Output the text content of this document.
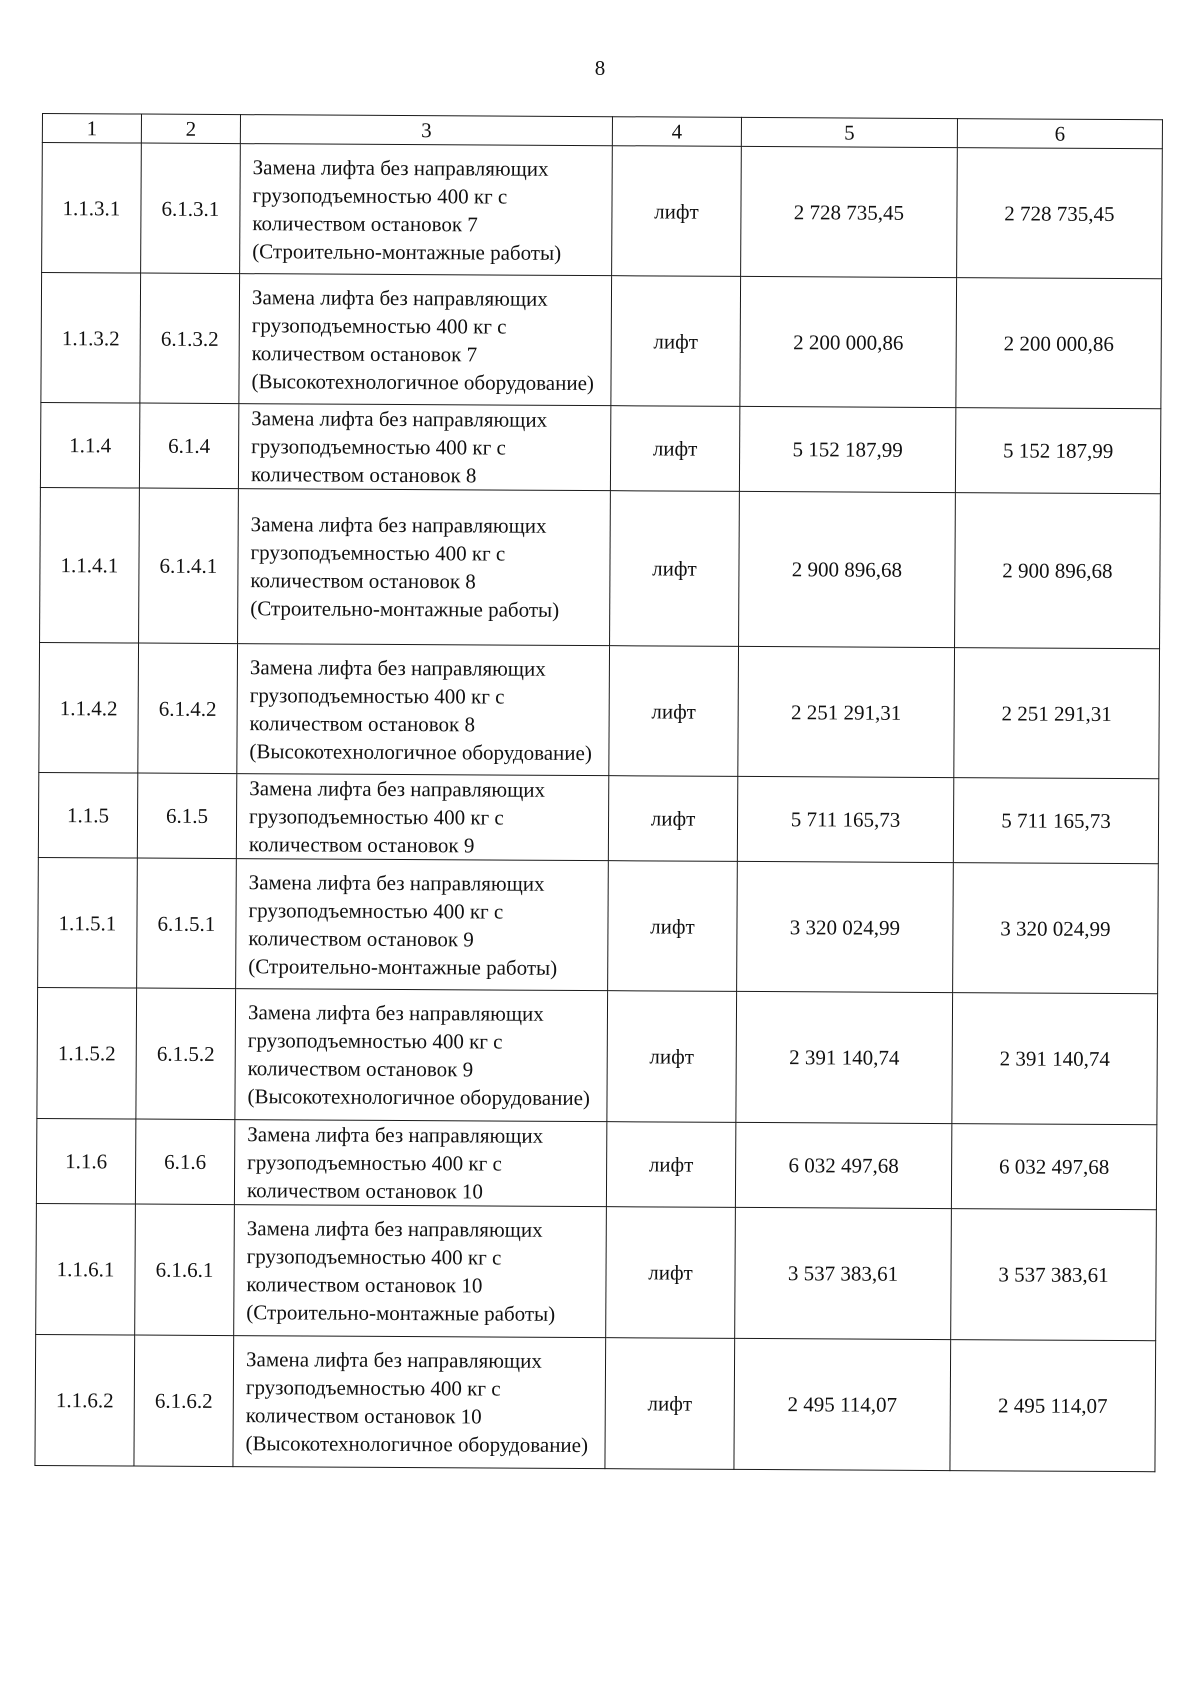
8
1	2	3	4	5	6
1.1.3.1	6.1.3.1	Замена лифта без направляющих грузоподъемностью 400 кг с количеством остановок 7 (Строительно-монтажные работы)	лифт	2 728 735,45	2 728 735,45
1.1.3.2	6.1.3.2	Замена лифта без направляющих грузоподъемностью 400 кг с количеством остановок 7 (Высокотехнологичное оборудование)	лифт	2 200 000,86	2 200 000,86
1.1.4	6.1.4	Замена лифта без направляющих грузоподъемностью 400 кг с количеством остановок 8	лифт	5 152 187,99	5 152 187,99
1.1.4.1	6.1.4.1	Замена лифта без направляющих грузоподъемностью 400 кг с количеством остановок 8 (Строительно-монтажные работы)	лифт	2 900 896,68	2 900 896,68
1.1.4.2	6.1.4.2	Замена лифта без направляющих грузоподъемностью 400 кг с количеством остановок 8 (Высокотехнологичное оборудование)	лифт	2 251 291,31	2 251 291,31
1.1.5	6.1.5	Замена лифта без направляющих грузоподъемностью 400 кг с количеством остановок 9	лифт	5 711 165,73	5 711 165,73
1.1.5.1	6.1.5.1	Замена лифта без направляющих грузоподъемностью 400 кг с количеством остановок 9 (Строительно-монтажные работы)	лифт	3 320 024,99	3 320 024,99
1.1.5.2	6.1.5.2	Замена лифта без направляющих грузоподъемностью 400 кг с количеством остановок 9 (Высокотехнологичное оборудование)	лифт	2 391 140,74	2 391 140,74
1.1.6	6.1.6	Замена лифта без направляющих грузоподъемностью 400 кг с количеством остановок 10	лифт	6 032 497,68	6 032 497,68
1.1.6.1	6.1.6.1	Замена лифта без направляющих грузоподъемностью 400 кг с количеством остановок 10 (Строительно-монтажные работы)	лифт	3 537 383,61	3 537 383,61
1.1.6.2	6.1.6.2	Замена лифта без направляющих грузоподъемностью 400 кг с количеством остановок 10 (Высокотехнологичное оборудование)	лифт	2 495 114,07	2 495 114,07
